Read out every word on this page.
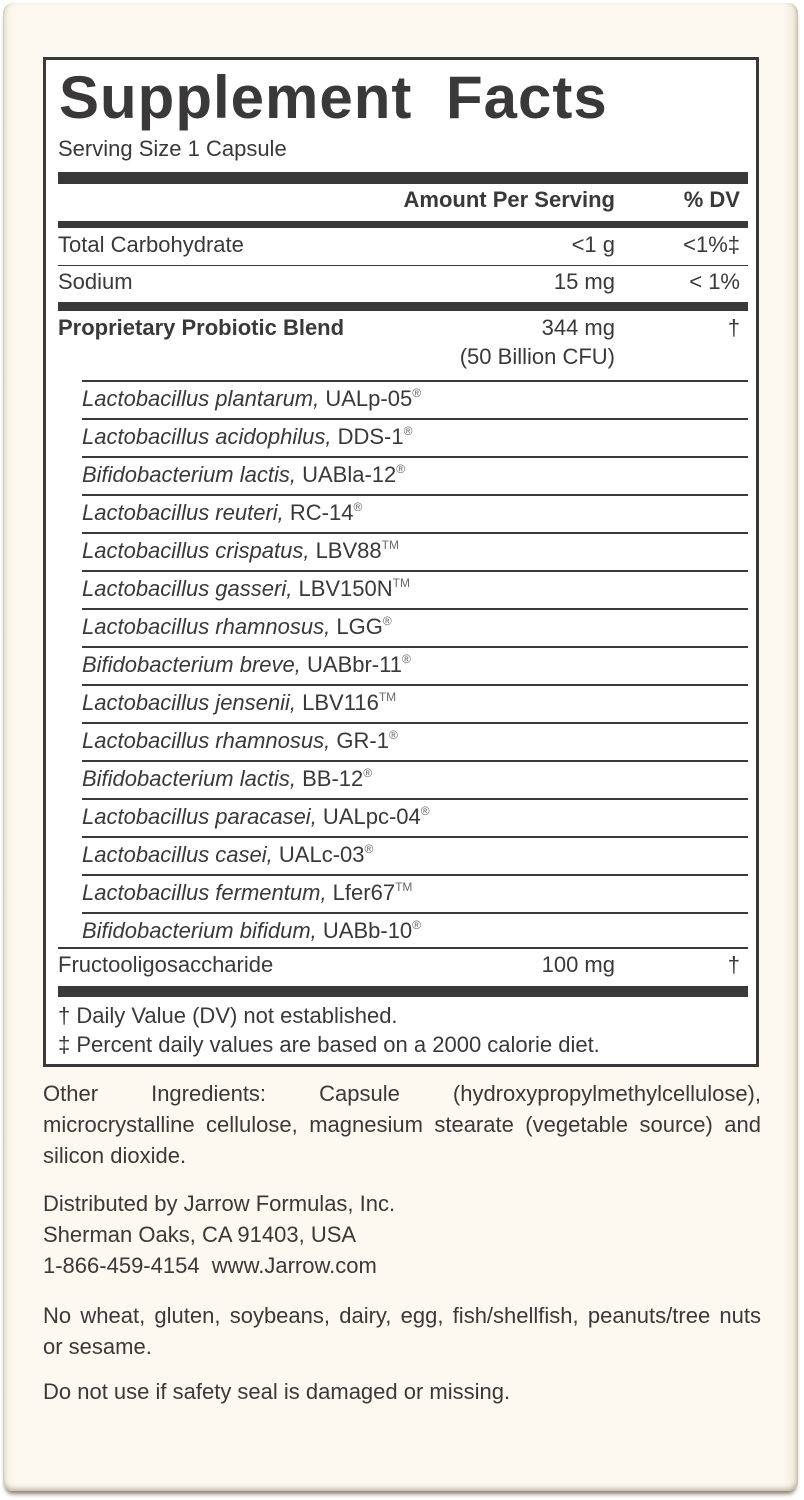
Supplement Facts
Serving Size 1 Capsule
Amount Per Serving	% DV
Total Carbohydrate	<1 g	<1%‡
Sodium	15 mg	< 1%
Proprietary Probiotic Blend	344 mg	†
(50 Billion CFU)
Fructooligosaccharide	100 mg	†
† Daily Value (DV) not established.
‡ Percent daily values are based on a 2000 calorie diet.
Lactobacillus plantarum, UALp-05®
Lactobacillus acidophilus, DDS-1®
Bifidobacterium lactis, UABla-12®
Lactobacillus reuteri, RC-14®
Lactobacillus crispatus, LBV88™
Lactobacillus gasseri, LBV150N™
Lactobacillus rhamnosus, LGG®
Bifidobacterium breve, UABbr-11®
Lactobacillus jensenii, LBV116™
Lactobacillus rhamnosus, GR-1®
Bifidobacterium lactis, BB-12®
Lactobacillus paracasei, UALpc-04®
Lactobacillus casei, UALc-03®
Lactobacillus fermentum, Lfer67™
Bifidobacterium bifidum, UABb-10®
Other Ingredients: Capsule (hydroxypropylmethylcellulose), microcrystalline cellulose, magnesium stearate (vegetable source) and silicon dioxide.
Distributed by Jarrow Formulas, Inc.
Sherman Oaks, CA 91403, USA
1-866-459-4154  www.Jarrow.com
No wheat, gluten, soybeans, dairy, egg, fish/shellfish, peanuts/tree nuts or sesame.
Do not use if safety seal is damaged or missing.
